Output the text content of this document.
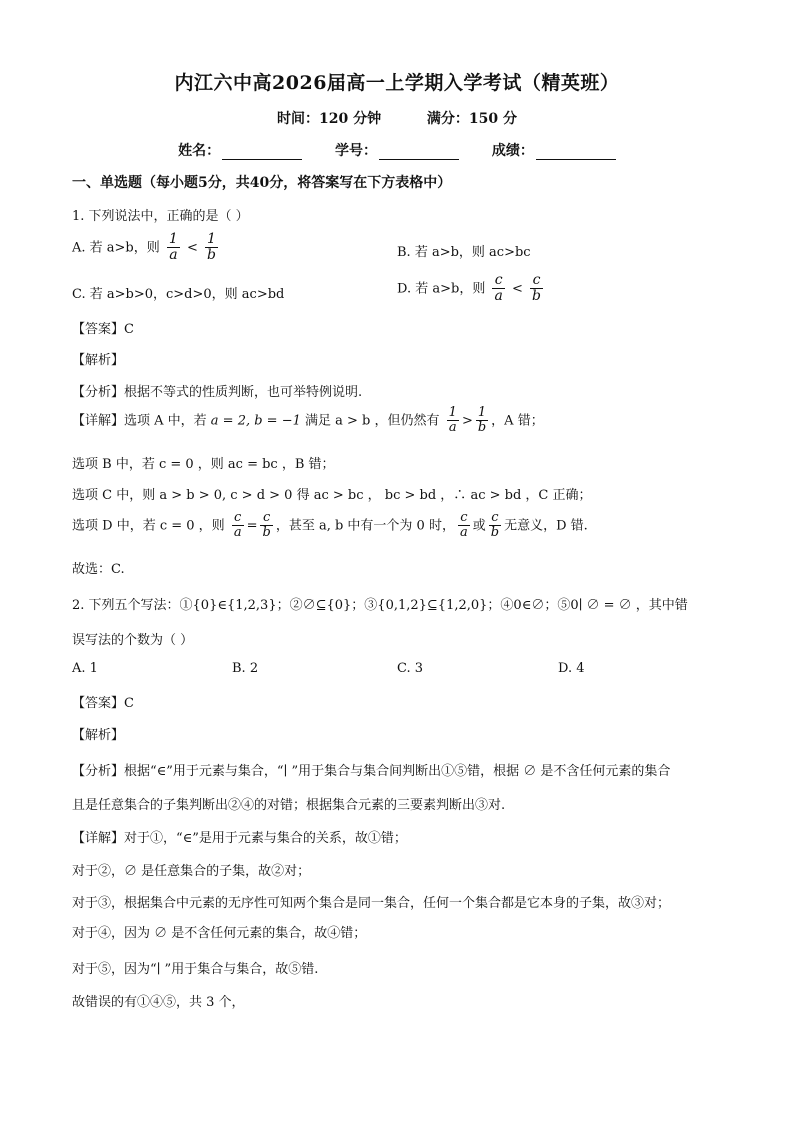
内江六中高2026届高一上学期入学考试（精英班）
时间：120 分钟	满分：150 分
姓名：	学号：	成绩：
一、单选题（每小题5分，共40分，将答案写在下方表格中）
1. 下列说法中，正确的是（ ）
A. 若 a>b，则 $\frac{1}{a} < \frac{1}{b}$	B. 若 a>b，则 ac>bc
C. 若 a>b>0，c>d>0，则 ac>bd	D. 若 a>b，则 $\frac{c}{a} < \frac{c}{b}$
【答案】C
【解析】
【分析】根据不等式的性质判断，也可举特例说明.
【详解】选项 A 中，若 a = 2, b = −1 满足 a > b ，但仍然有 $\frac{1}{a} > \frac{1}{b}$ ，A 错；
选项 B 中，若 c = 0 ，则 ac = bc ，B 错；
选项 C 中，则 a > b > 0, c > d > 0 得 ac > bc ， bc > bd ，∴ ac > bd ，C 正确；
选项 D 中，若 c = 0 ，则 $\frac{c}{a} = \frac{c}{b}$ ，甚至 a, b 中有一个为 0 时， $\frac{c}{a}$ 或 $\frac{c}{b}$ 无意义，D 错.
故选：C.
2. 下列五个写法：①{0}∈{1,2,3}；②∅⊆{0}；③{0,1,2}⊆{1,2,0}；④0∈∅；⑤0∣ ∅ = ∅ ，其中错
误写法的个数为（ ）
A. 1	B. 2	C. 3	D. 4
【答案】C
【解析】
【分析】根据“∈”用于元素与集合，“∣ ”用于集合与集合间判断出①⑤错，根据 ∅ 是不含任何元素的集合
且是任意集合的子集判断出②④的对错；根据集合元素的三要素判断出③对.
【详解】对于①，“∈”是用于元素与集合的关系，故①错；
对于②，∅ 是任意集合的子集，故②对；
对于③，根据集合中元素的无序性可知两个集合是同一集合，任何一个集合都是它本身的子集，故③对；
对于④，因为 ∅ 是不含任何元素的集合，故④错；
对于⑤，因为“∣ ”用于集合与集合，故⑤错.
故错误的有①④⑤，共 3 个，
